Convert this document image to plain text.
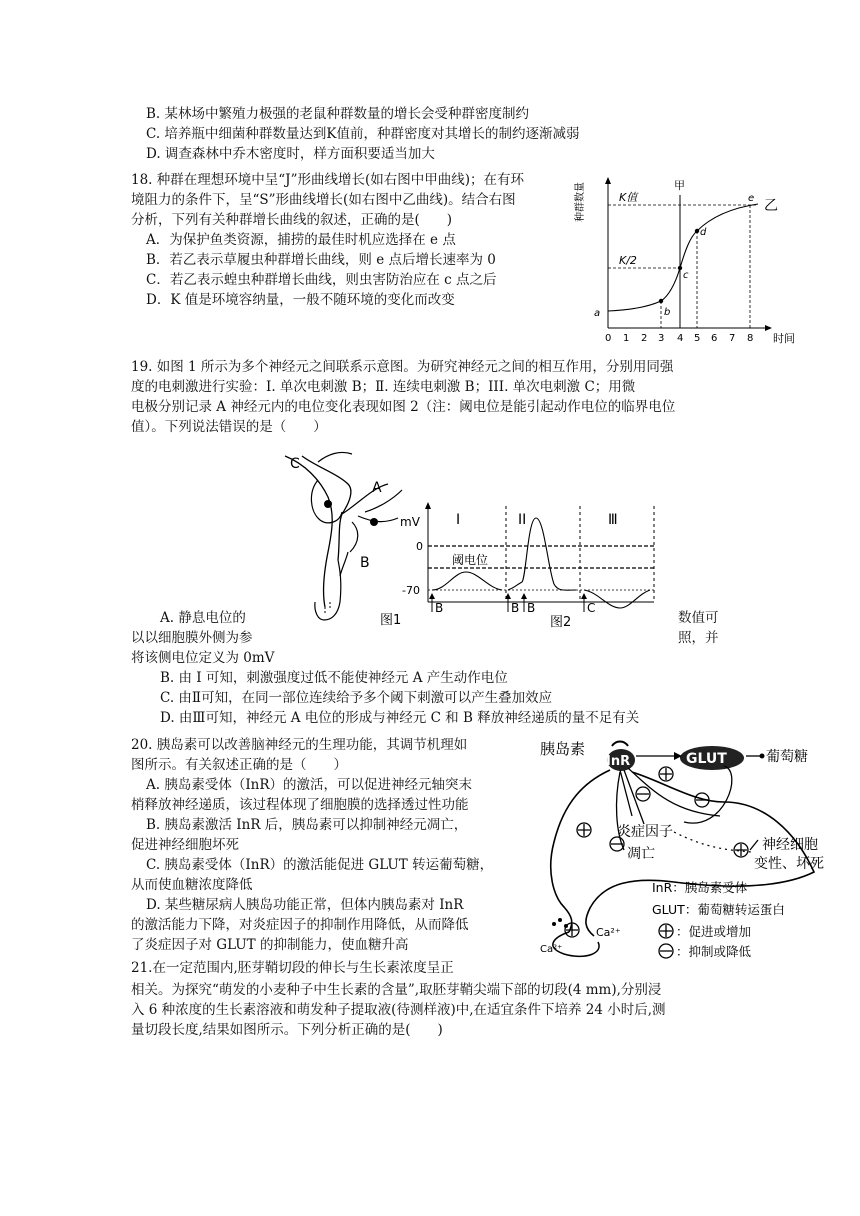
B. 某林场中繁殖力极强的老鼠种群数量的增长会受种群密度制约
C. 培养瓶中细菌种群数量达到K值前，种群密度对其增长的制约逐渐减弱
D. 调查森林中乔木密度时，样方面积要适当加大
18. 种群在理想环境中呈“J”形曲线增长(如右图中甲曲线)；在有环
境阻力的条件下，呈“S”形曲线增长(如右图中乙曲线)。结合右图
分析，下列有关种群增长曲线的叙述，正确的是(　　)
A．为保护鱼类资源，捕捞的最佳时机应选择在 e 点
B．若乙表示草履虫种群增长曲线，则 e 点后增长速率为 0
C．若乙表示蝗虫种群增长曲线，则虫害防治应在 c 点之后
D．K 值是环境容纳量，一般不随环境的变化而改变
种群数量
时间
K值
K/2
甲
a	b
c
d
e 乙
0 1 2 3 4 5 6 7 8
19. 如图 1 所示为多个神经元之间联系示意图。为研究神经元之间的相互作用，分别用同强
度的电刺激进行实验：I. 单次电刺激 B；Ⅱ. 连续电刺激 B；III. 单次电刺激 C；用微
电极分别记录 A 神经元内的电位变化表现如图 2（注：阈电位是能引起动作电位的临界电位
值）。下列说法错误的是（　　）
C
A
B
图1
mV
0
-70
I	II	Ⅲ
阈电位
B	B B	C
图2
A. 静息电位的	数值可
以以细胞膜外侧为参	照，并
将该侧电位定义为 0mV
B. 由 I 可知，刺激强度过低不能使神经元 A 产生动作电位
C. 由Ⅱ可知，在同一部位连续给予多个阈下刺激可以产生叠加效应
D. 由Ⅲ可知，神经元 A 电位的形成与神经元 C 和 B 释放神经递质的量不足有关
20. 胰岛素可以改善脑神经元的生理功能，其调节机理如
图所示。有关叙述正确的是（　　）
A. 胰岛素受体（InR）的激活，可以促进神经元轴突末
梢释放神经递质，该过程体现了细胞膜的选择透过性功能
B. 胰岛素激活 InR 后，胰岛素可以抑制神经元凋亡，
促进神经细胞坏死
C. 胰岛素受体（InR）的激活能促进 GLUT 转运葡萄糖，
从而使血糖浓度降低
D. 某些糖尿病人胰岛功能正常，但体内胰岛素对 InR
的激活能力下降，对炎症因子的抑制作用降低，从而降低
了炎症因子对 GLUT 的抑制能力，使血糖升高
胰岛素
InR	GLUT	葡萄糖
炎症因子
凋亡
神经细胞
变性、坏死
Ca²⁺
Ca²⁺
InR：胰岛素受体
GLUT：葡萄糖转运蛋白
：促进或增加
：抑制或降低
21.在一定范围内,胚芽鞘切段的伸长与生长素浓度呈正
相关。为探究“萌发的小麦种子中生长素的含量”,取胚芽鞘尖端下部的切段(4 mm),分别浸
入 6 种浓度的生长素溶液和萌发种子提取液(待测样液)中,在适宜条件下培养 24 小时后,测
量切段长度,结果如图所示。下列分析正确的是(　　)
